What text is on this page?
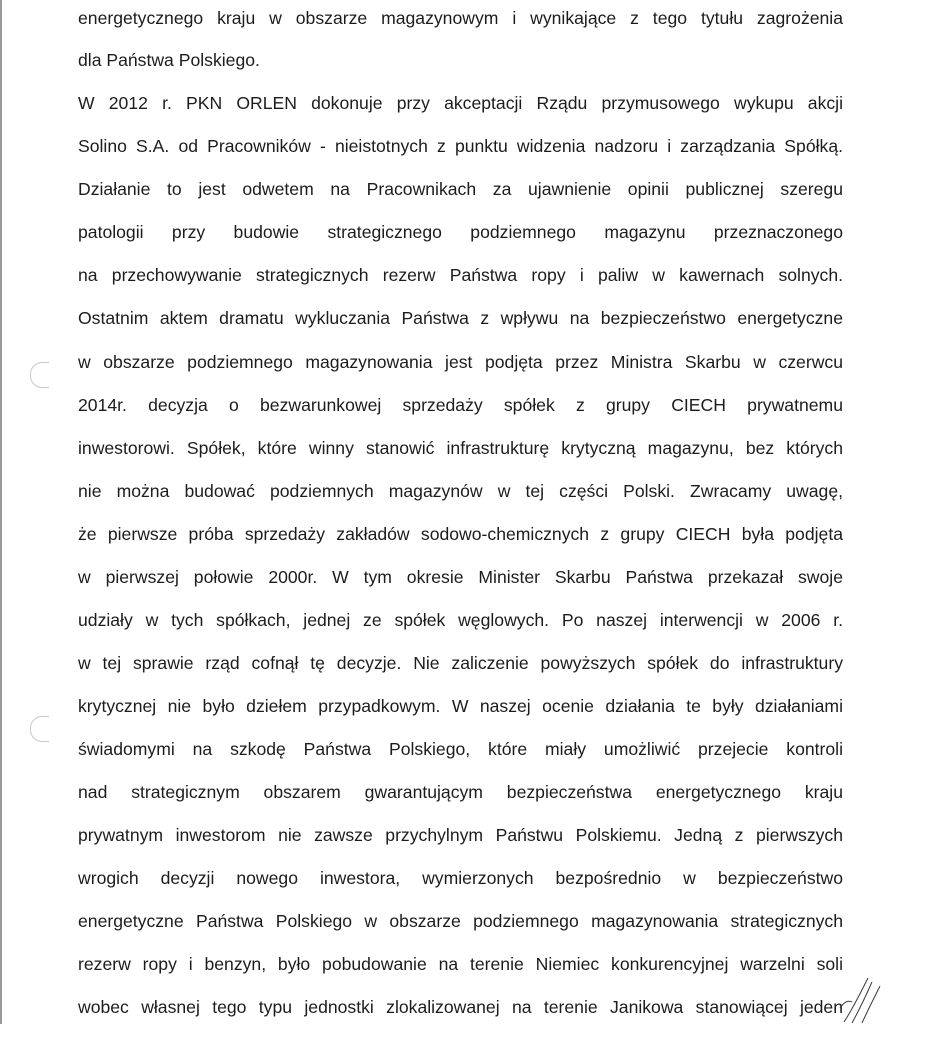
energetycznego kraju w obszarze magazynowym i wynikające z tego tytułu zagrożenia
dla Państwa Polskiego.
W 2012 r. PKN ORLEN dokonuje przy akceptacji Rządu przymusowego wykupu akcji
Solino S.A. od Pracowników - nieistotnych z punktu widzenia nadzoru i zarządzania Spółką.
Działanie to jest odwetem na Pracownikach za ujawnienie opinii publicznej szeregu
patologii przy budowie strategicznego podziemnego magazynu przeznaczonego
na przechowywanie strategicznych rezerw Państwa ropy i paliw w kawernach solnych.
Ostatnim aktem dramatu wykluczania Państwa z wpływu na bezpieczeństwo energetyczne
w obszarze podziemnego magazynowania jest podjęta przez Ministra Skarbu w czerwcu
2014r. decyzja o bezwarunkowej sprzedaży spółek z grupy CIECH prywatnemu
inwestorowi. Spółek, które winny stanowić infrastrukturę krytyczną magazynu, bez których
nie można budować podziemnych magazynów w tej części Polski. Zwracamy uwagę,
że pierwsze próba sprzedaży zakładów sodowo-chemicznych z grupy CIECH była podjęta
w pierwszej połowie 2000r. W tym okresie Minister Skarbu Państwa przekazał swoje
udziały w tych spółkach, jednej ze spółek węglowych. Po naszej interwencji w 2006 r.
w tej sprawie rząd cofnął tę decyzje. Nie zaliczenie powyższych spółek do infrastruktury
krytycznej nie było dziełem przypadkowym. W naszej ocenie działania te były działaniami
świadomymi na szkodę Państwa Polskiego, które miały umożliwić przejecie kontroli
nad strategicznym obszarem gwarantującym bezpieczeństwa energetycznego kraju
prywatnym inwestorom nie zawsze przychylnym Państwu Polskiemu. Jedną z pierwszych
wrogich decyzji nowego inwestora, wymierzonych bezpośrednio w bezpieczeństwo
energetyczne Państwa Polskiego w obszarze podziemnego magazynowania strategicznych
rezerw ropy i benzyn, było pobudowanie na terenie Niemiec konkurencyjnej warzelni soli
wobec własnej tego typu jednostki zlokalizowanej na terenie Janikowa stanowiącej jeden
